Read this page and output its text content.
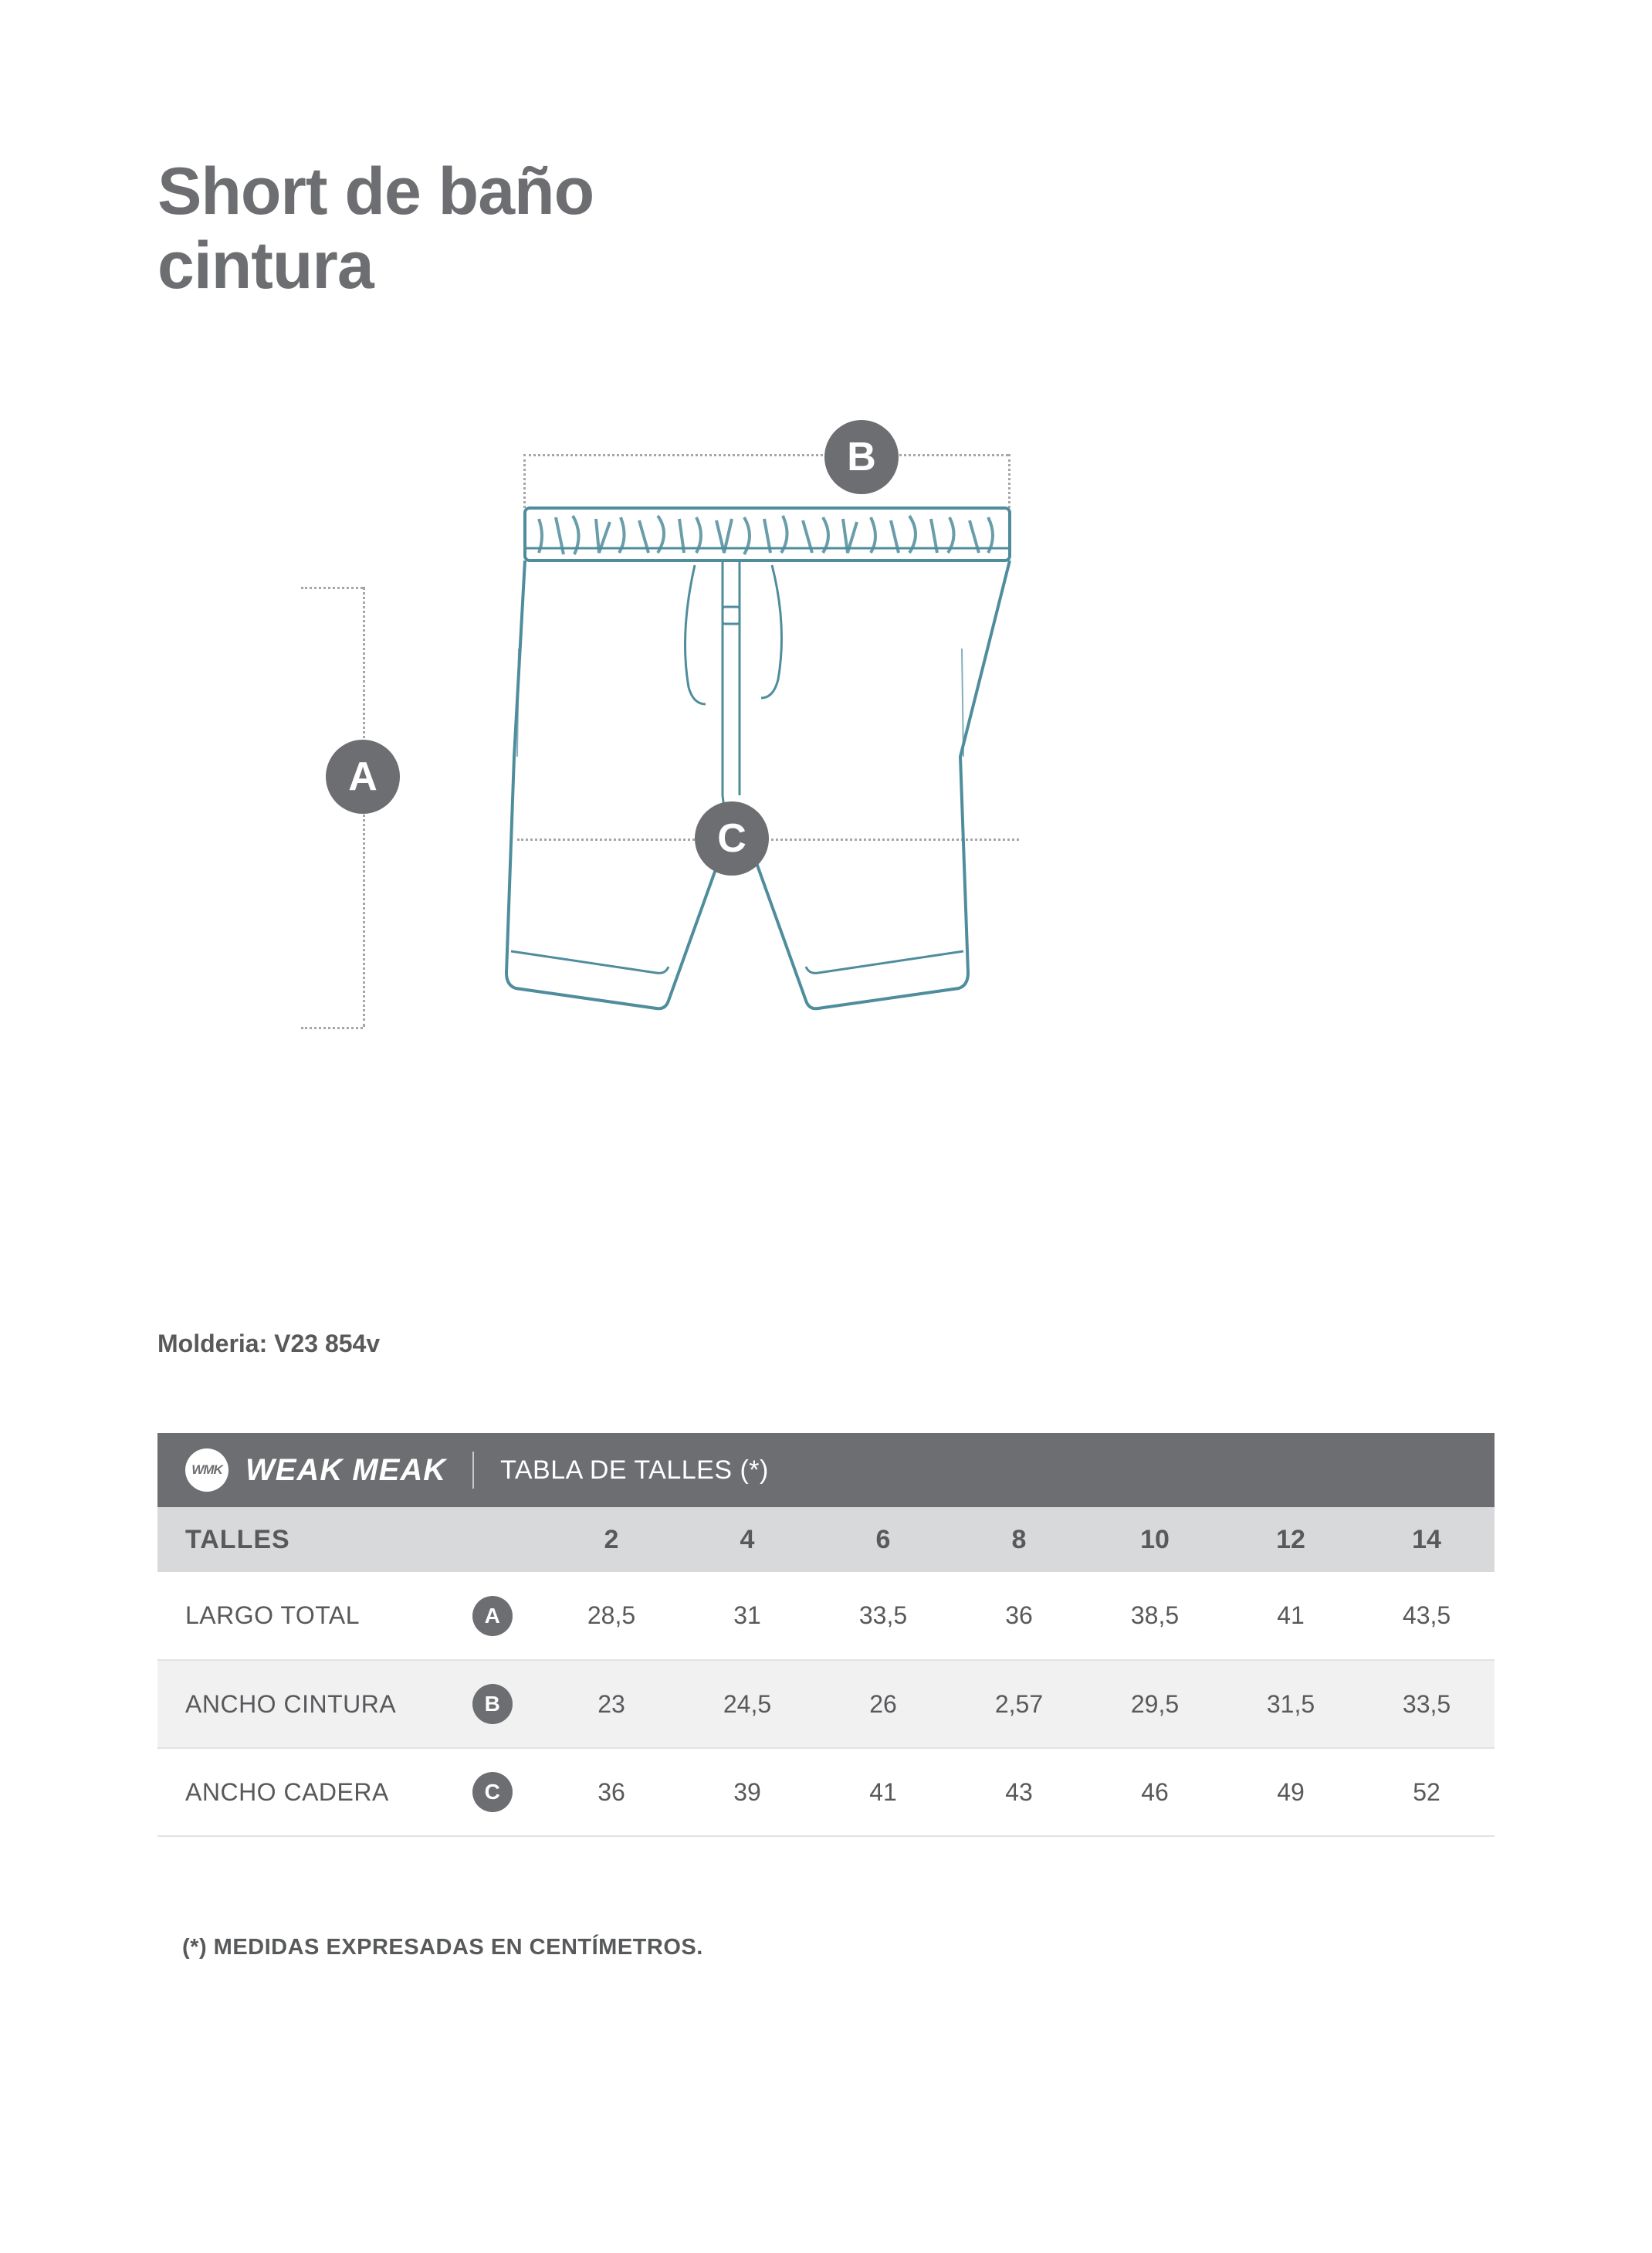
Short de baño
cintura
A
B
C
Molderia: V23 854v
WMK WEAK MEAK TABLA DE TALLES (*)							

TALLES	2	4	6	8	10	12	14

LARGO TOTAL A	28,5	31	33,5	36	38,5	41	43,5

ANCHO CINTURA B	23	24,5	26	2,57	29,5	31,5	33,5

ANCHO CADERA C	36	39	41	43	46	49	52
(*) MEDIDAS EXPRESADAS EN CENTÍMETROS.
